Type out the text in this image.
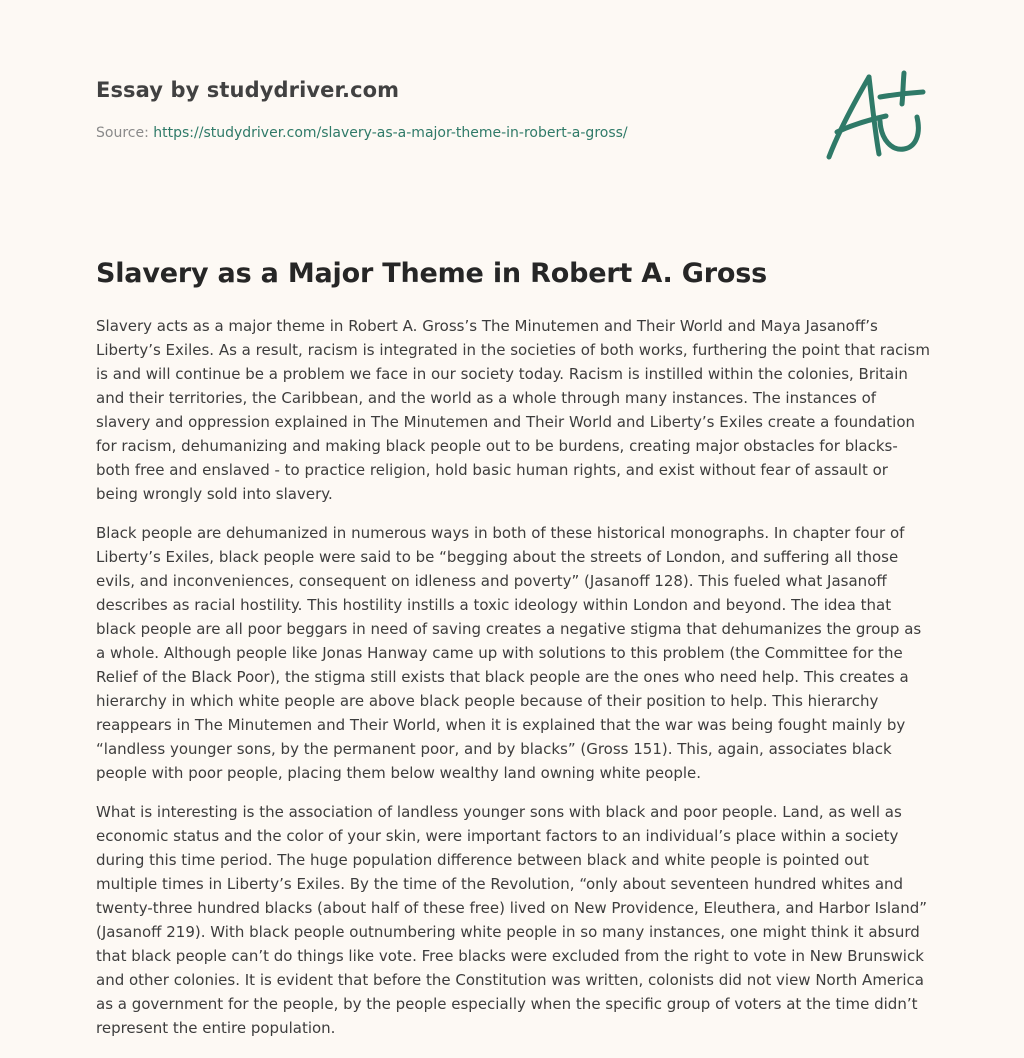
Essay by studydriver.com
Source: https://studydriver.com/slavery-as-a-major-theme-in-robert-a-gross/
Slavery as a Major Theme in Robert A. Gross

Slavery acts as a major theme in Robert A. Gross’s The Minutemen and Their World and Maya Jasanoff’s Liberty’s Exiles. As a result, racism is integrated in the societies of both works, furthering the point that racism is and will continue be a problem we face in our society today. Racism is instilled within the colonies, Britain and their territories, the Caribbean, and the world as a whole through many instances. The instances of slavery and oppression explained in The Minutemen and Their World and Liberty’s Exiles create a foundation for racism, dehumanizing and making black people out to be burdens, creating major obstacles for blacks- both free and enslaved - to practice religion, hold basic human rights, and exist without fear of assault or being wrongly sold into slavery.

Black people are dehumanized in numerous ways in both of these historical monographs. In chapter four of Liberty’s Exiles, black people were said to be “begging about the streets of London, and suffering all those evils, and inconveniences, consequent on idleness and poverty” (Jasanoff 128). This fueled what Jasanoff describes as racial hostility. This hostility instills a toxic ideology within London and beyond. The idea that black people are all poor beggars in need of saving creates a negative stigma that dehumanizes the group as a whole. Although people like Jonas Hanway came up with solutions to this problem (the Committee for the Relief of the Black Poor), the stigma still exists that black people are the ones who need help. This creates a hierarchy in which white people are above black people because of their position to help. This hierarchy reappears in The Minutemen and Their World, when it is explained that the war was being fought mainly by “landless younger sons, by the permanent poor, and by blacks” (Gross 151). This, again, associates black people with poor people, placing them below wealthy land owning white people.

What is interesting is the association of landless younger sons with black and poor people. Land, as well as economic status and the color of your skin, were important factors to an individual’s place within a society during this time period. The huge population difference between black and white people is pointed out multiple times in Liberty’s Exiles. By the time of the Revolution, “only about seventeen hundred whites and twenty-three hundred blacks (about half of these free) lived on New Providence, Eleuthera, and Harbor Island” (Jasanoff 219). With black people outnumbering white people in so many instances, one might think it absurd that black people can’t do things like vote. Free blacks were excluded from the right to vote in New Brunswick and other colonies. It is evident that before the Constitution was written, colonists did not view North America as a government for the people, by the people especially when the specific group of voters at the time didn’t represent the entire population.
